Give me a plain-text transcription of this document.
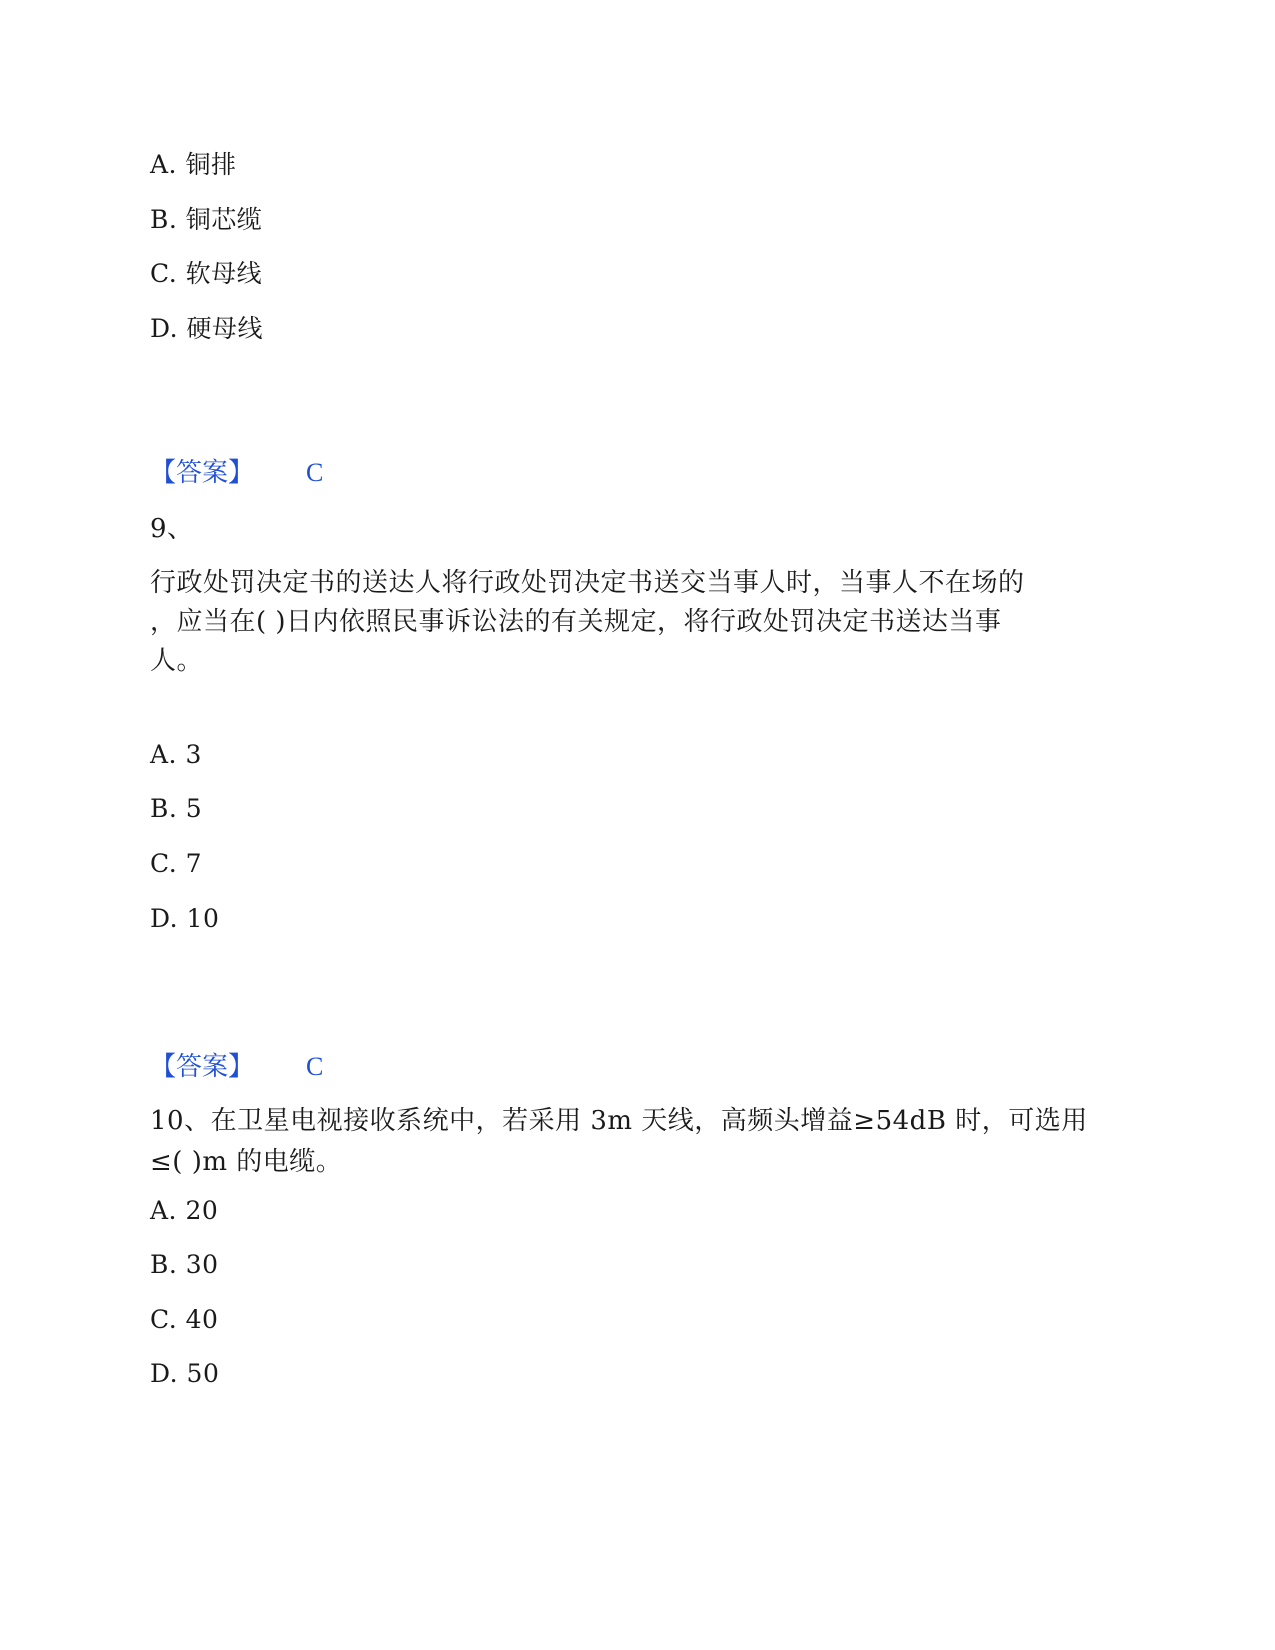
A. 铜排
B. 铜芯缆
C. 软母线
D. 硬母线
【答案】 C
9、
行政处罚决定书的送达人将行政处罚决定书送交当事人时，当事人不在场的
，应当在( )日内依照民事诉讼法的有关规定，将行政处罚决定书送达当事
人。
A. 3
B. 5
C. 7
D. 10
【答案】 C
10、在卫星电视接收系统中，若采用 3m 天线，高频头增益≥54dB 时，可选用
≤( )m 的电缆。
A. 20
B. 30
C. 40
D. 50
